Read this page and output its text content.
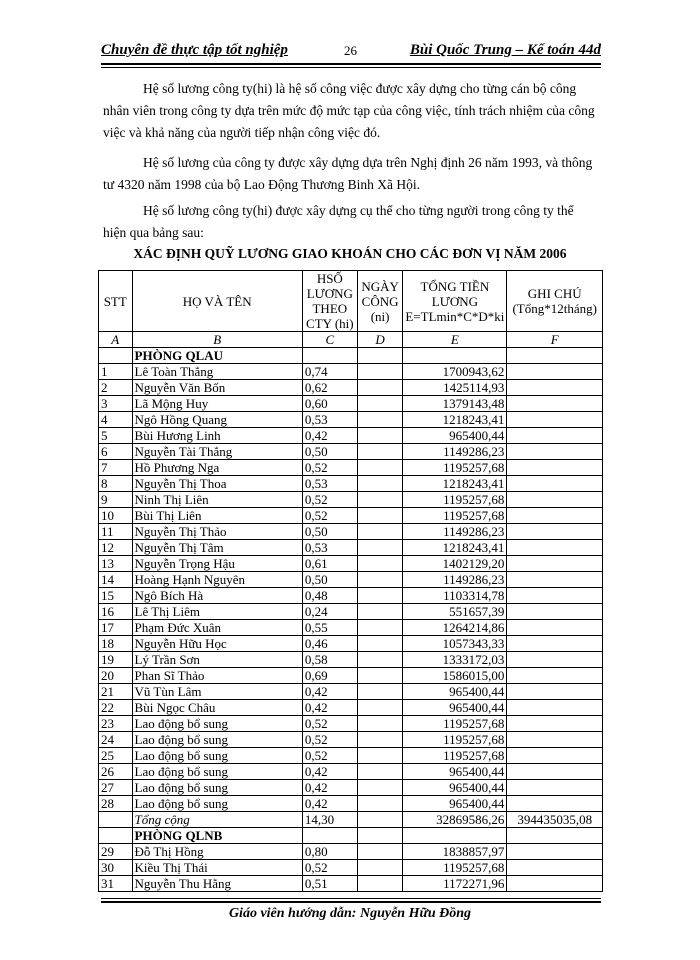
Chuyên đề thực tập tốt nghiệp	26	Bùi Quốc Trung – Kế toán 44d

Hệ số lương công ty(hi) là hệ số công việc được xây dựng cho từng cán bộ công nhân viên trong công ty dựa trên mức độ mức tạp của công việc, tính trách nhiệm của công việc và khả năng của người tiếp nhận công việc đó.

Hệ số lương của công ty được xây dựng dựa trên Nghị định 26 năm 1993, và thông tư 4320 năm 1998 của bộ Lao Động Thương Binh Xã Hội.

Hệ số lương công ty(hi) được xây dựng cụ thể cho từng người trong công ty thể hiện qua bảng sau:

XÁC ĐỊNH QUỸ LƯƠNG GIAO KHOÁN CHO CÁC ĐƠN VỊ NĂM 2006
STT	HỌ VÀ TÊN	HSỐ LƯƠNG THEO CTY (hi)	NGÀY CÔNG (ni)	TỔNG TIỀN LƯƠNG E=TLmin*C*D*ki	GHI CHÚ (Tổng*12tháng)
A	B	C	D	E	F
	PHÒNG QLAU				
1	Lê Toàn Thắng	0,74		1700943,62	
2	Nguyễn Văn Bốn	0,62		1425114,93	
3	Lã Mộng Huy	0,60		1379143,48	
4	Ngô Hồng Quang	0,53		1218243,41	
5	Bùi Hương Linh	0,42		965400,44	
6	Nguyễn Tài Thắng	0,50		1149286,23	
7	Hồ Phương Nga	0,52		1195257,68	
8	Nguyễn Thị Thoa	0,53		1218243,41	
9	Ninh Thị Liên	0,52		1195257,68	
10	Bùi Thị Liên	0,52		1195257,68	
11	Nguyễn Thị Thảo	0,50		1149286,23	
12	Nguyễn Thị Tâm	0,53		1218243,41	
13	Nguyễn Trọng Hậu	0,61		1402129,20	
14	Hoàng Hạnh Nguyên	0,50		1149286,23	
15	Ngô Bích Hà	0,48		1103314,78	
16	Lê Thị Liêm	0,24		551657,39	
17	Phạm Đức Xuân	0,55		1264214,86	
18	Nguyễn Hữu Học	0,46		1057343,33	
19	Lý Trần Sơn	0,58		1333172,03	
20	Phan Sĩ Thảo	0,69		1586015,00	
21	Vũ Tùn Lâm	0,42		965400,44	
22	Bùi Ngọc Châu	0,42		965400,44	
23	Lao động bổ sung	0,52		1195257,68	
24	Lao động bổ sung	0,52		1195257,68	
25	Lao động bổ sung	0,52		1195257,68	
26	Lao động bổ sung	0,42		965400,44	
27	Lao động bổ sung	0,42		965400,44	
28	Lao động bổ sung	0,42		965400,44	
	Tổng cộng	14,30		32869586,26	394435035,08
	PHÒNG QLNB				
29	Đỗ Thị Hồng	0,80		1838857,97	
30	Kiều Thị Thái	0,52		1195257,68	
31	Nguyễn Thu Hằng	0,51		1172271,96	
Giáo viên hướng dẫn: Nguyễn Hữu Đồng
